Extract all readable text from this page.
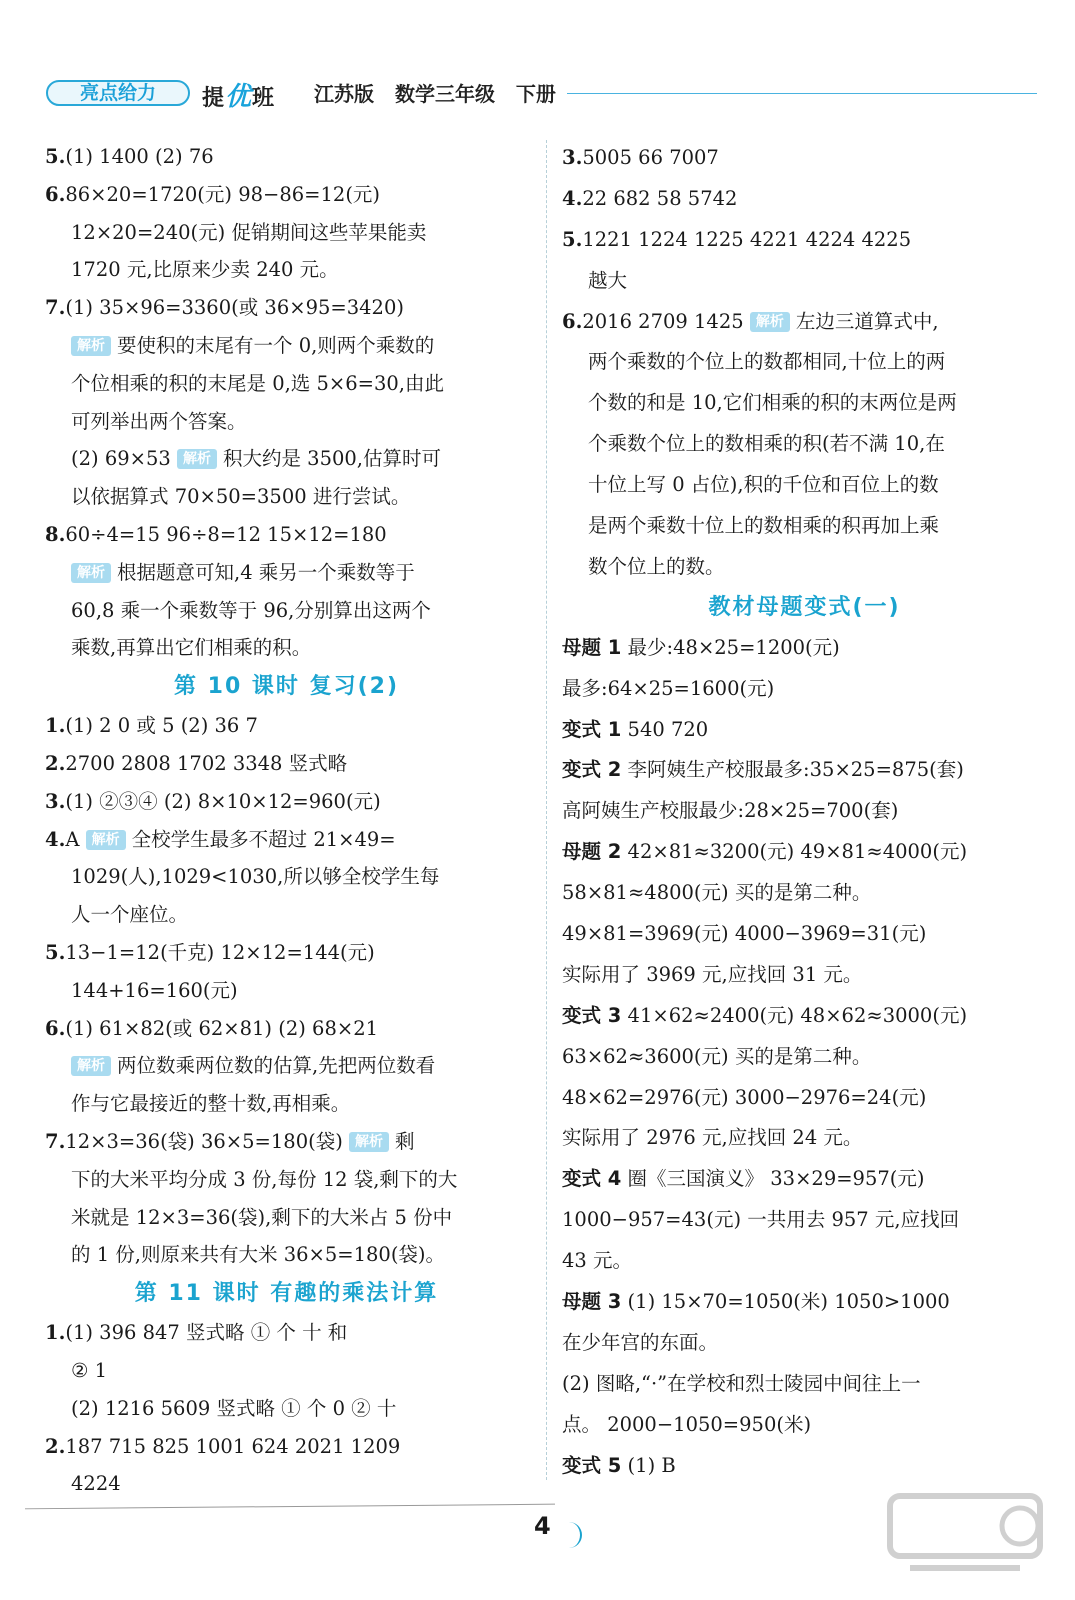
亮点给力	提优班 江苏版 数学三年级 下册
5.(1) 1400 (2) 76
6.86×20=1720(元) 98−86=12(元)
12×20=240(元) 促销期间这些苹果能卖
1720 元,比原来少卖 240 元。
7.(1) 35×96=3360(或 36×95=3420)
解析 要使积的末尾有一个 0,则两个乘数的
个位相乘的积的末尾是 0,选 5×6=30,由此
可列举出两个答案。
(2) 69×53 解析 积大约是 3500,估算时可
以依据算式 70×50=3500 进行尝试。
8.60÷4=15 96÷8=12 15×12=180
解析 根据题意可知,4 乘另一个乘数等于
60,8 乘一个乘数等于 96,分别算出这两个
乘数,再算出它们相乘的积。
第 10 课时 复习(2)
1.(1) 2 0 或 5 (2) 36 7
2.2700 2808 1702 3348 竖式略
3.(1) ②③④ (2) 8×10×12=960(元)
4.A 解析 全校学生最多不超过 21×49=
1029(人),1029<1030,所以够全校学生每
人一个座位。
5.13−1=12(千克) 12×12=144(元)
144+16=160(元)
6.(1) 61×82(或 62×81) (2) 68×21
解析 两位数乘两位数的估算,先把两位数看
作与它最接近的整十数,再相乘。
7.12×3=36(袋) 36×5=180(袋) 解析 剩
下的大米平均分成 3 份,每份 12 袋,剩下的大
米就是 12×3=36(袋),剩下的大米占 5 份中
的 1 份,则原来共有大米 36×5=180(袋)。
第 11 课时 有趣的乘法计算
1.(1) 396 847 竖式略 ① 个 十 和
② 1
(2) 1216 5609 竖式略 ① 个 0 ② 十
2.187 715 825 1001 624 2021 1209
4224
3.5005 66 7007
4.22 682 58 5742
5.1221 1224 1225 4221 4224 4225
越大
6.2016 2709 1425 解析 左边三道算式中,
两个乘数的个位上的数都相同,十位上的两
个数的和是 10,它们相乘的积的末两位是两
个乘数个位上的数相乘的积(若不满 10,在
十位上写 0 占位),积的千位和百位上的数
是两个乘数十位上的数相乘的积再加上乘
数个位上的数。
教材母题变式(一)
母题 1 最少:48×25=1200(元)
最多:64×25=1600(元)
变式 1 540 720
变式 2 李阿姨生产校服最多:35×25=875(套)
高阿姨生产校服最少:28×25=700(套)
母题 2 42×81≈3200(元) 49×81≈4000(元)
58×81≈4800(元) 买的是第二种。
49×81=3969(元) 4000−3969=31(元)
实际用了 3969 元,应找回 31 元。
变式 3 41×62≈2400(元) 48×62≈3000(元)
63×62≈3600(元) 买的是第二种。
48×62=2976(元) 3000−2976=24(元)
实际用了 2976 元,应找回 24 元。
变式 4 圈《三国演义》 33×29=957(元)
1000−957=43(元) 一共用去 957 元,应找回
43 元。
母题 3 (1) 15×70=1050(米) 1050>1000
在少年宫的东面。
(2) 图略,“·”在学校和烈士陵园中间往上一
点。 2000−1050=950(米)
变式 5 (1) B
4
